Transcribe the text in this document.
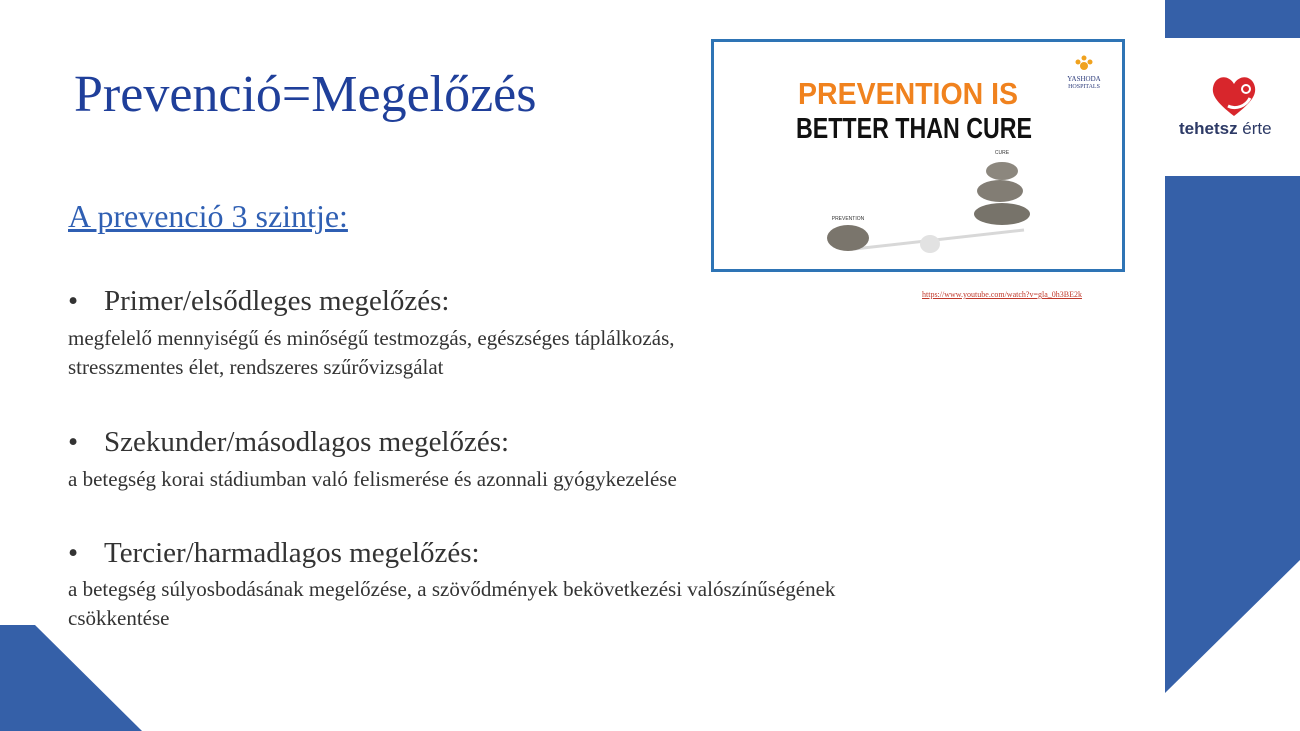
tehetsz érte
Prevenció=Megelőzés
A prevenció 3 szintje:
• Primer/elsődleges megelőzés:
megfelelő mennyiségű és minőségű testmozgás, egészséges táplálkozás,
stresszmentes élet, rendszeres szűrővizsgálat
• Szekunder/másodlagos megelőzés:
a betegség korai stádiumban való felismerése és azonnali gyógykezelése
• Tercier/harmadlagos megelőzés:
a betegség súlyosbodásának megelőzése, a szövődmények bekövetkezési valószínűségének
csökkentése
PREVENTION IS
BETTER THAN CURE
YASHODA
HOSPITALS
CURE
PREVENTION
https://www.youtube.com/watch?v=gla_0h3BE2k
